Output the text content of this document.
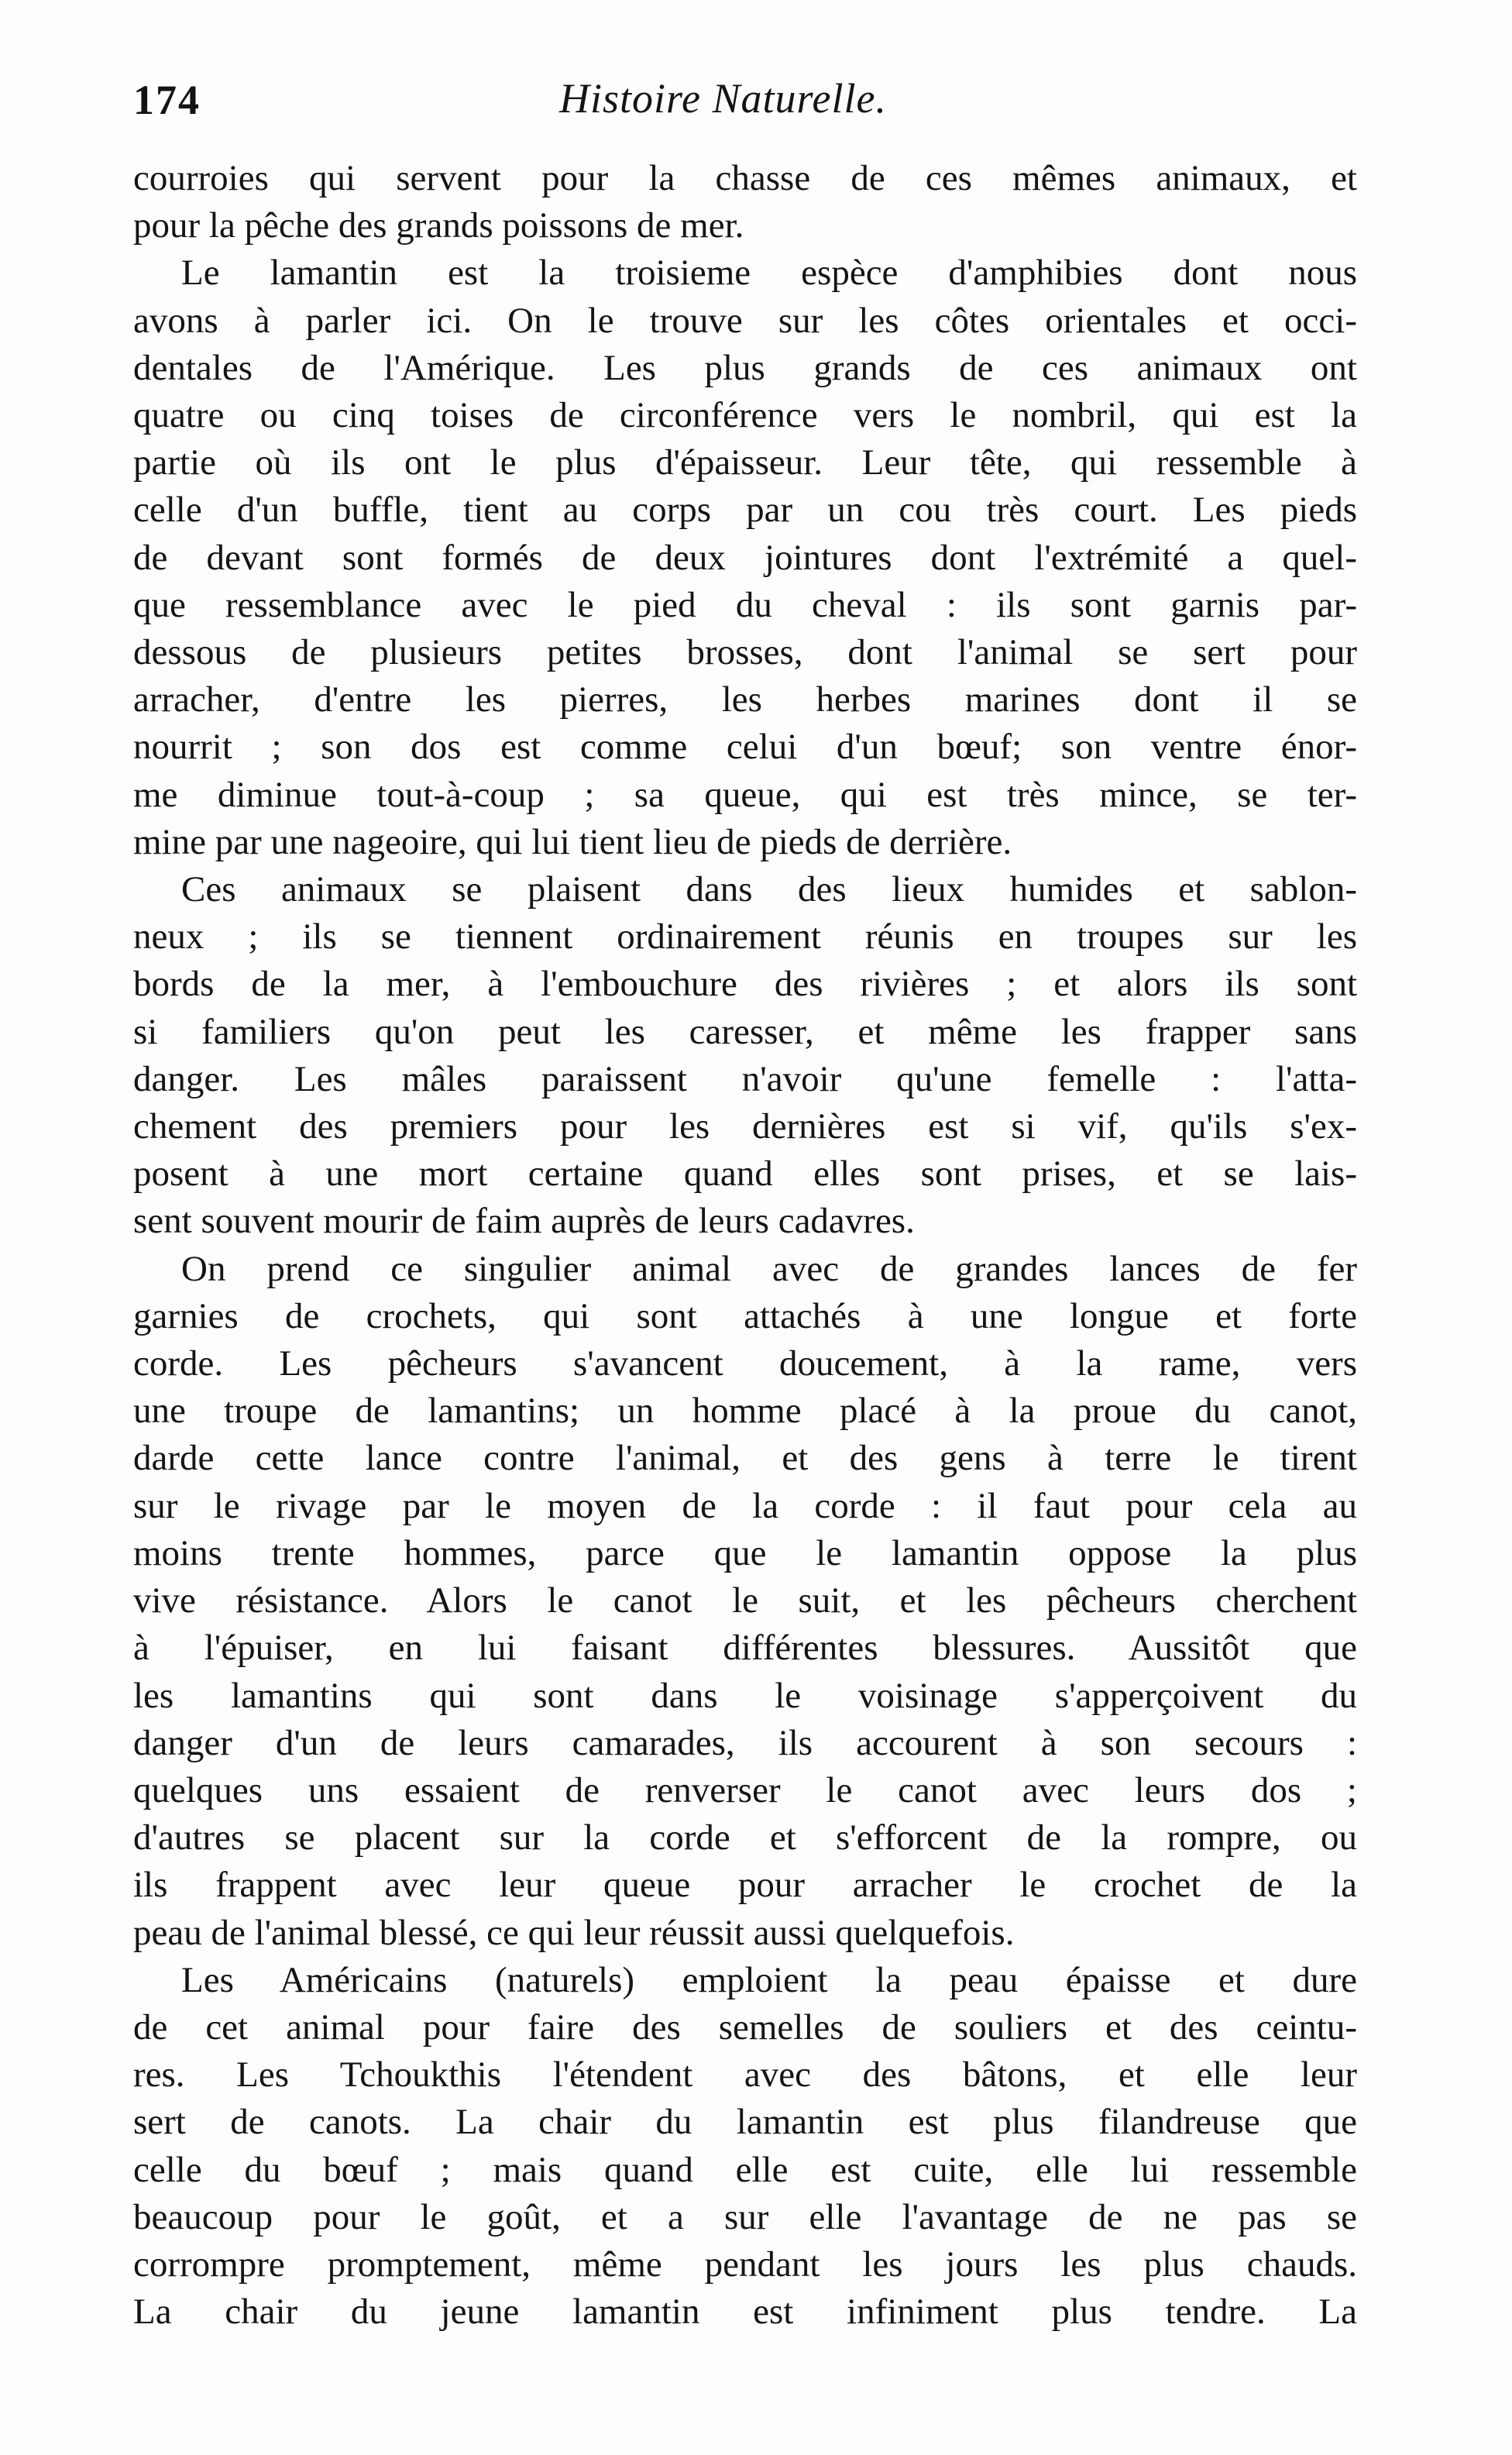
174	Histoire Naturelle.
courroies qui servent pour la chasse de ces mêmes animaux, et
pour la pêche des grands poissons de mer.
Le lamantin est la troisieme espèce d'amphibies dont nous
avons à parler ici. On le trouve sur les côtes orientales et occi-
dentales de l'Amérique. Les plus grands de ces animaux ont
quatre ou cinq toises de circonférence vers le nombril, qui est la
partie où ils ont le plus d'épaisseur. Leur tête, qui ressemble à
celle d'un buffle, tient au corps par un cou très court. Les pieds
de devant sont formés de deux jointures dont l'extrémité a quel-
que ressemblance avec le pied du cheval : ils sont garnis par-
dessous de plusieurs petites brosses, dont l'animal se sert pour
arracher, d'entre les pierres, les herbes marines dont il se
nourrit ; son dos est comme celui d'un bœuf; son ventre énor-
me diminue tout-à-coup ; sa queue, qui est très mince, se ter-
mine par une nageoire, qui lui tient lieu de pieds de derrière.
Ces animaux se plaisent dans des lieux humides et sablon-
neux ; ils se tiennent ordinairement réunis en troupes sur les
bords de la mer, à l'embouchure des rivières ; et alors ils sont
si familiers qu'on peut les caresser, et même les frapper sans
danger. Les mâles paraissent n'avoir qu'une femelle : l'atta-
chement des premiers pour les dernières est si vif, qu'ils s'ex-
posent à une mort certaine quand elles sont prises, et se lais-
sent souvent mourir de faim auprès de leurs cadavres.
On prend ce singulier animal avec de grandes lances de fer
garnies de crochets, qui sont attachés à une longue et forte
corde. Les pêcheurs s'avancent doucement, à la rame, vers
une troupe de lamantins; un homme placé à la proue du canot,
darde cette lance contre l'animal, et des gens à terre le tirent
sur le rivage par le moyen de la corde : il faut pour cela au
moins trente hommes, parce que le lamantin oppose la plus
vive résistance. Alors le canot le suit, et les pêcheurs cherchent
à l'épuiser, en lui faisant différentes blessures. Aussitôt que
les lamantins qui sont dans le voisinage s'apperçoivent du
danger d'un de leurs camarades, ils accourent à son secours :
quelques uns essaient de renverser le canot avec leurs dos ;
d'autres se placent sur la corde et s'efforcent de la rompre, ou
ils frappent avec leur queue pour arracher le crochet de la
peau de l'animal blessé, ce qui leur réussit aussi quelquefois.
Les Américains (naturels) emploient la peau épaisse et dure
de cet animal pour faire des semelles de souliers et des ceintu-
res. Les Tchoukthis l'étendent avec des bâtons, et elle leur
sert de canots. La chair du lamantin est plus filandreuse que
celle du bœuf ; mais quand elle est cuite, elle lui ressemble
beaucoup pour le goût, et a sur elle l'avantage de ne pas se
corrompre promptement, même pendant les jours les plus chauds.
La chair du jeune lamantin est infiniment plus tendre. La
